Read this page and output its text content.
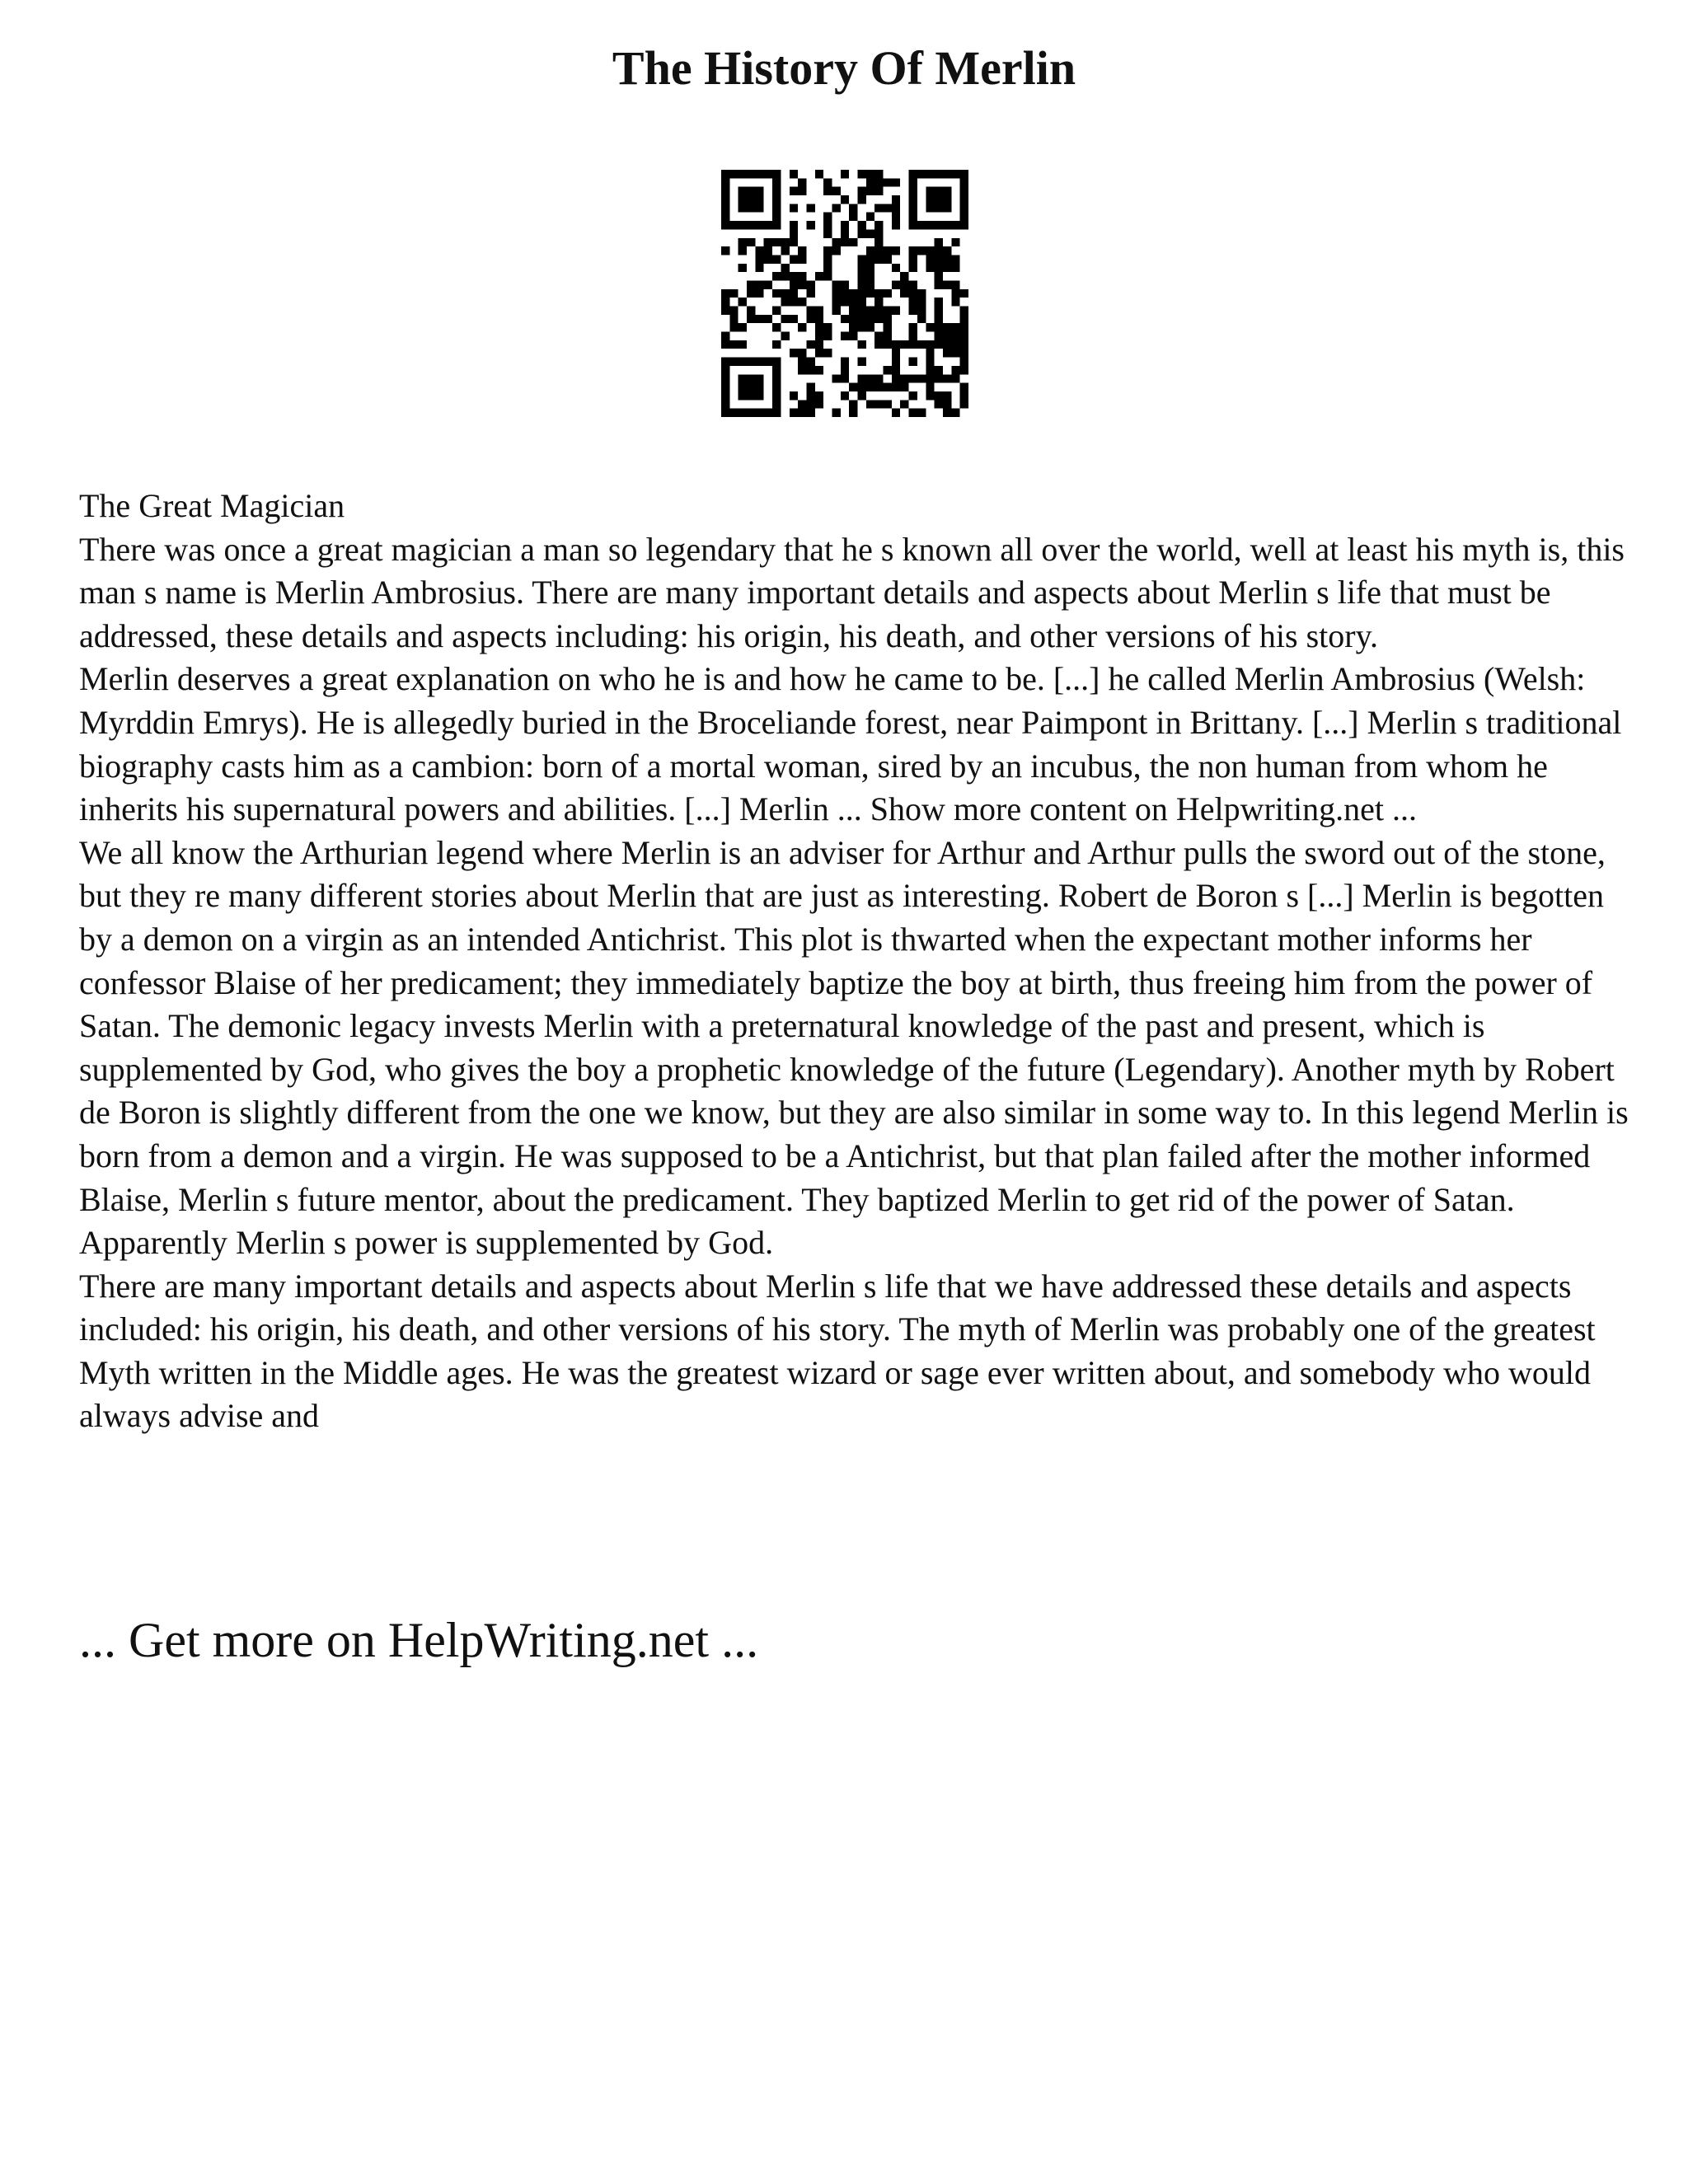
The History Of Merlin

The Great Magician

There was once a great magician a man so legendary that he s known all over the world, well at least his myth is, this man s name is Merlin Ambrosius. There are many important details and aspects about Merlin s life that must be addressed, these details and aspects including: his origin, his death, and other versions of his story.

Merlin deserves a great explanation on who he is and how he came to be. [...] he called Merlin Ambrosius (Welsh: Myrddin Emrys). He is allegedly buried in the Broceliande forest, near Paimpont in Brittany. [...] Merlin s traditional biography casts him as a cambion: born of a mortal woman, sired by an incubus, the non human from whom he inherits his supernatural powers and abilities. [...] Merlin ... Show more content on Helpwriting.net ...

We all know the Arthurian legend where Merlin is an adviser for Arthur and Arthur pulls the sword out of the stone, but they re many different stories about Merlin that are just as interesting. Robert de Boron s [...] Merlin is begotten by a demon on a virgin as an intended Antichrist. This plot is thwarted when the expectant mother informs her confessor Blaise of her predicament; they immediately baptize the boy at birth, thus freeing him from the power of Satan. The demonic legacy invests Merlin with a preternatural knowledge of the past and present, which is supplemented by God, who gives the boy a prophetic knowledge of the future (Legendary). Another myth by Robert de Boron is slightly different from the one we know, but they are also similar in some way to. In this legend Merlin is born from a demon and a virgin. He was supposed to be a Antichrist, but that plan failed after the mother informed Blaise, Merlin s future mentor, about the predicament. They baptized Merlin to get rid of the power of Satan. Apparently Merlin s power is supplemented by God.

There are many important details and aspects about Merlin s life that we have addressed these details and aspects included: his origin, his death, and other versions of his story. The myth of Merlin was probably one of the greatest Myth written in the Middle ages. He was the greatest wizard or sage ever written about, and somebody who would always advise and

... Get more on HelpWriting.net ...
